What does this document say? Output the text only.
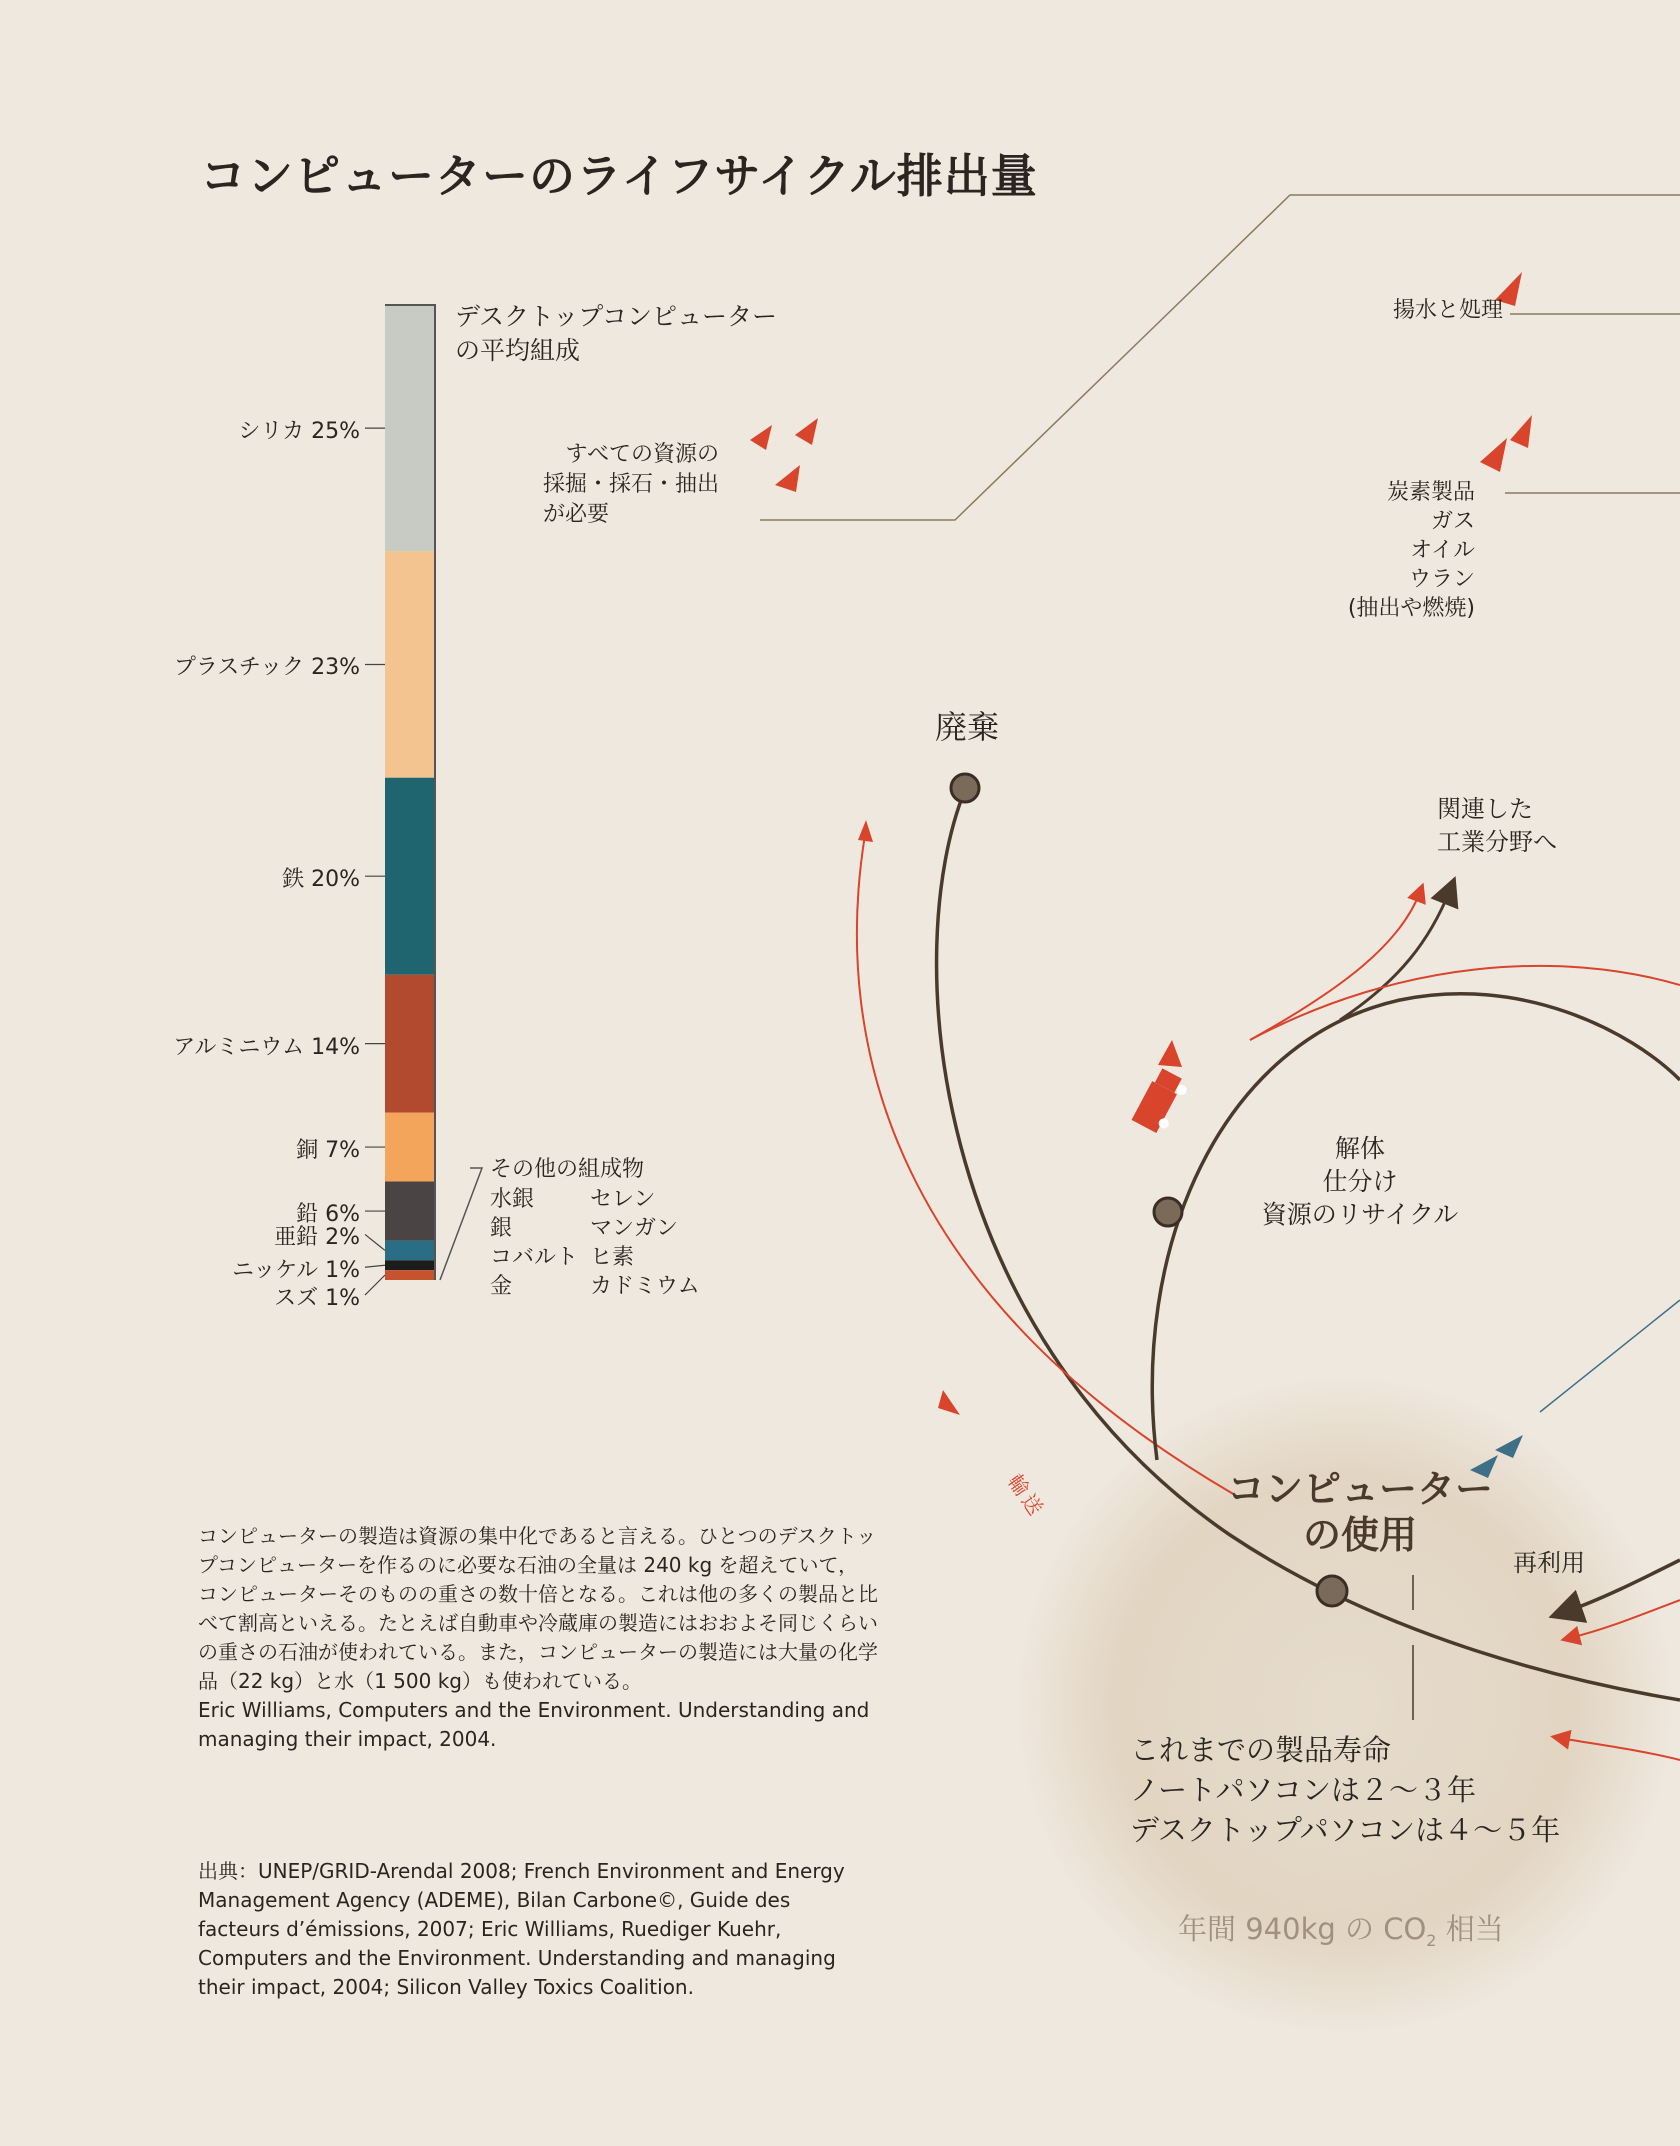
コンピューターのライフサイクル排出量
デスクトップコンピューター
の平均組成
シリカ 25%
プラスチック 23%
鉄 20%
アルミニウム 14%
銅 7%
鉛 6%
亜鉛 2%
ニッケル 1%
スズ 1%
その他の組成物
水銀	セレン
銀	マンガン
コバルト ヒ素
金	カドミウム
すべての資源の
採掘・採石・抽出
が必要
揚水と処理
炭素製品
ガス
オイル
ウラン
(抽出や燃焼)
廃棄
関連した
工業分野へ
解体
仕分け
資源のリサイクル
輸送	コンピューター
の使用
再利用
これまでの製品寿命
ノートパソコンは２～３年
デスクトップパソコンは４～５年
年間 940kg の $CO_2$ 相当

コンピューターの製造は資源の集中化であると言える。ひとつのデスクトップコンピューターを作るのに必要な石油の全量は 240 kg を超えていて，コンピューターそのものの重さの数十倍となる。これは他の多くの製品と比べて割高といえる。たとえば自動車や冷蔵庫の製造にはおおよそ同じくらいの重さの石油が使われている。また，コンピューターの製造には大量の化学品（22 kg）と水（1 500 kg）も使われている。

Eric Williams, Computers and the Environment. Understanding and managing their impact, 2004.

出典：UNEP/GRID-Arendal 2008; French Environment and Energy Management Agency (ADEME), Bilan Carbone©, Guide des facteurs d’émissions, 2007; Eric Williams, Ruediger Kuehr, Computers and the Environment. Understanding and managing their impact, 2004; Silicon Valley Toxics Coalition.
